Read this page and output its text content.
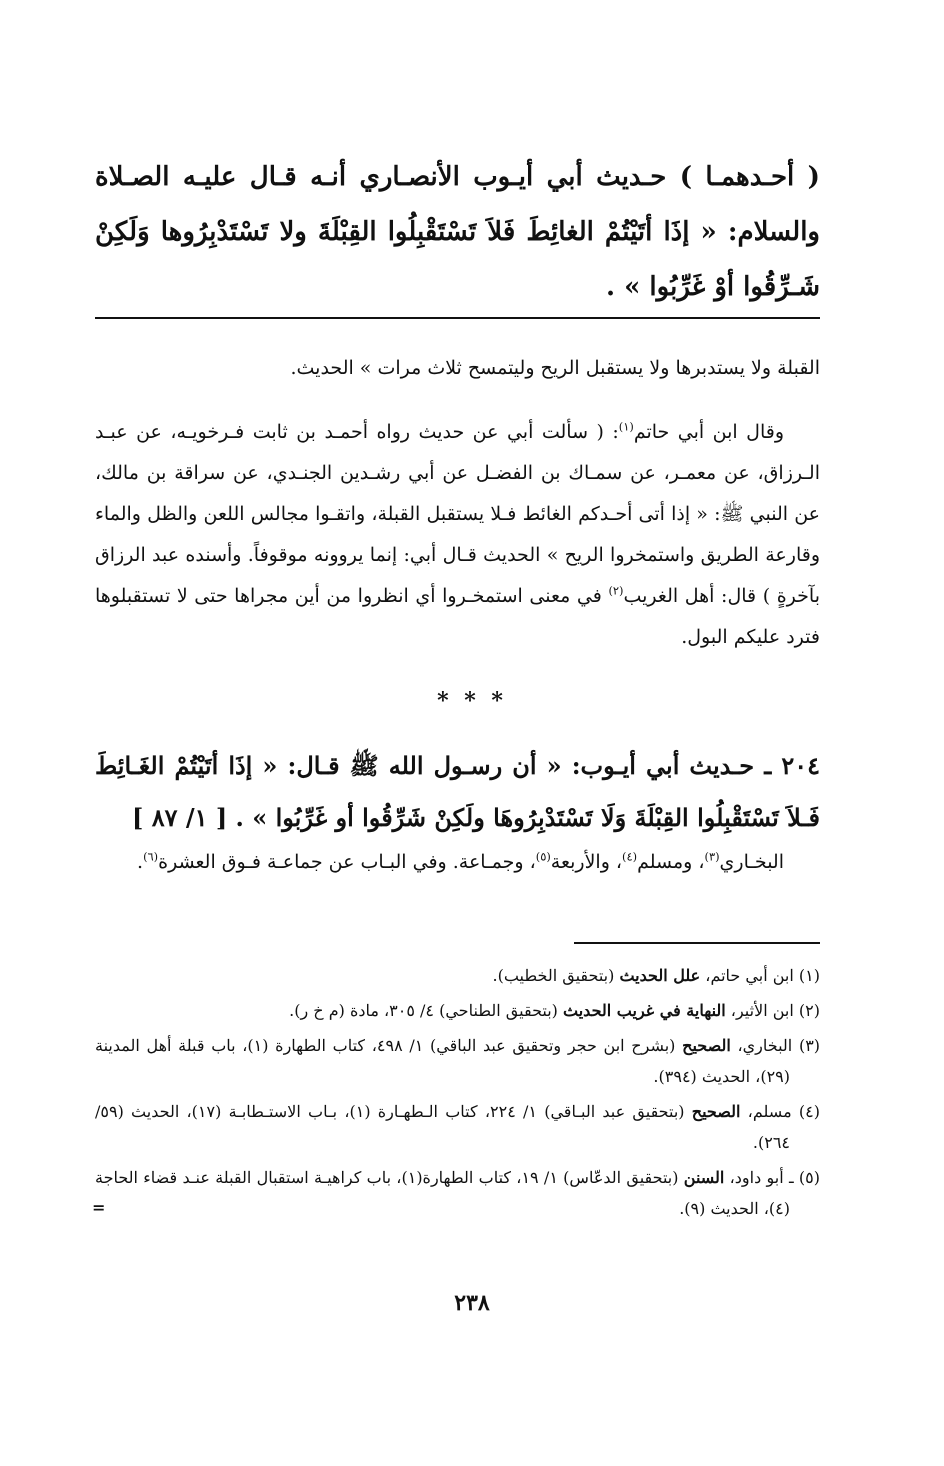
( أحـدهمـا ) حـديث أبي أيـوب الأنصـاري أنـه قـال عليـه الصـلاة والسلام: « إذَا أتَيْتُمْ الغائِطَ فَلاَ تَسْتَقْبِلُوا القِبْلَةَ ولا تَسْتَدْبِرُوها وَلَكِنْ شَـرِّقُوا أوْ غَرِّبُوا » .
القبلة ولا يستدبرها ولا يستقبل الريح وليتمسح ثلاث مرات » الحديث.
وقال ابن أبي حاتم$^{(١)}$: ( سألت أبي عن حديث رواه أحمـد بن ثابت فـرخويـه، عن عبـد الـرزاق، عن معمـر، عن سمـاك بن الفضـل عن أبي رشـدين الجنـدي، عن سراقة بن مالك، عن النبي ﷺ: « إذا أتى أحـدكم الغائط فـلا يستقبل القبلة، واتقـوا مجالس اللعن والظل والماء وقارعة الطريق واستمخروا الريح » الحديث قـال أبي: إنما يروونه موقوفاً. وأسنده عبد الرزاق بآخرةٍ ) قال: أهل الغريب$^{(٢)}$ في معنى استمخـروا أي انظروا من أين مجراها حتى لا تستقبلوها فترد عليكم البول.
* * *
٢٠٤ ـ حـديث أبي أيـوب: « أن رسـول الله ﷺ قـال: « إذَا أتَيْتُمْ الغَـائِطَ فَـلاَ تَسْتَقْبِلُوا القِبْلَةَ وَلَا تَسْتَدْبِرُوهَا ولَكِنْ شَرِّقُوا أو غَرِّبُوا » . [ ١/ ٨٧ ]
البخـاري$^{(٣)}$، ومسلم$^{(٤)}$، والأربعة$^{(٥)}$، وجمـاعة. وفي البـاب عن جماعـة فـوق العشرة$^{(٦)}$.

(١) ابن أبي حاتم، علل الحديث (بتحقيق الخطيب).

(٢) ابن الأثير، النهاية في غريب الحديث (بتحقيق الطناحي) ٤/ ٣٠٥، مادة (م خ ر).

(٣) البخاري، الصحيح (بشرح ابن حجر وتحقيق عبد الباقي) ١/ ٤٩٨، كتاب الطهارة (١)، باب قبلة أهل المدينة (٢٩)، الحديث (٣٩٤).

(٤) مسلم، الصحيح (بتحقيق عبد البـاقي) ١/ ٢٢٤، كتاب الـطهـارة (١)، بـاب الاستـطابـة (١٧)، الحديث (٥٩/ ٢٦٤).

(٥) ـ أبو داود، السنن (بتحقيق الدعّاس) ١/ ١٩، كتاب الطهارة(١)، باب كراهيـة استقبال القبلة عنـد قضاء الحاجة (٤)، الحديث (٩).

=
٢٣٨
